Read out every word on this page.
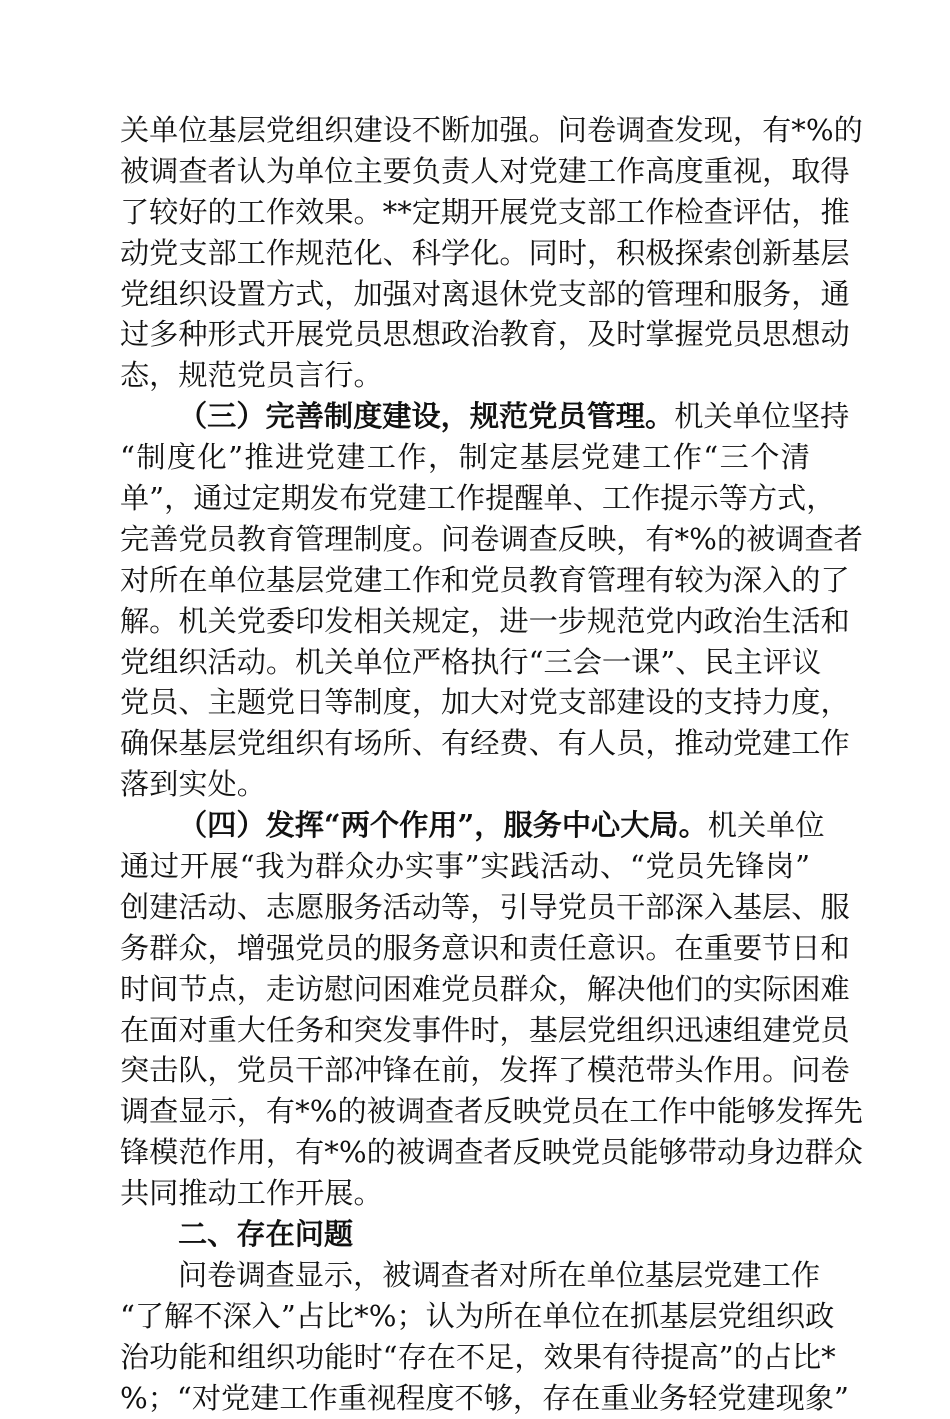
关单位基层党组织建设不断加强。问卷调查发现，有*%的
被调查者认为单位主要负责人对党建工作高度重视，取得
了较好的工作效果。**定期开展党支部工作检查评估，推
动党支部工作规范化、科学化。同时，积极探索创新基层
党组织设置方式，加强对离退休党支部的管理和服务，通
过多种形式开展党员思想政治教育，及时掌握党员思想动
态，规范党员言行。
（三）完善制度建设，规范党员管理。机关单位坚持
“制度化”推进党建工作，制定基层党建工作“三个清
单”，通过定期发布党建工作提醒单、工作提示等方式，
完善党员教育管理制度。问卷调查反映，有*%的被调查者
对所在单位基层党建工作和党员教育管理有较为深入的了
解。机关党委印发相关规定，进一步规范党内政治生活和
党组织活动。机关单位严格执行“三会一课”、民主评议
党员、主题党日等制度，加大对党支部建设的支持力度，
确保基层党组织有场所、有经费、有人员，推动党建工作
落到实处。
（四）发挥“两个作用”，服务中心大局。机关单位
通过开展“我为群众办实事”实践活动、“党员先锋岗”
创建活动、志愿服务活动等，引导党员干部深入基层、服
务群众，增强党员的服务意识和责任意识。在重要节日和
时间节点，走访慰问困难党员群众，解决他们的实际困难
在面对重大任务和突发事件时，基层党组织迅速组建党员
突击队，党员干部冲锋在前，发挥了模范带头作用。问卷
调查显示，有*%的被调查者反映党员在工作中能够发挥先
锋模范作用，有*%的被调查者反映党员能够带动身边群众
共同推动工作开展。
二、存在问题
问卷调查显示，被调查者对所在单位基层党建工作
“了解不深入”占比*%；认为所在单位在抓基层党组织政
治功能和组织功能时“存在不足，效果有待提高”的占比*
%；“对党建工作重视程度不够，存在重业务轻党建现象”
